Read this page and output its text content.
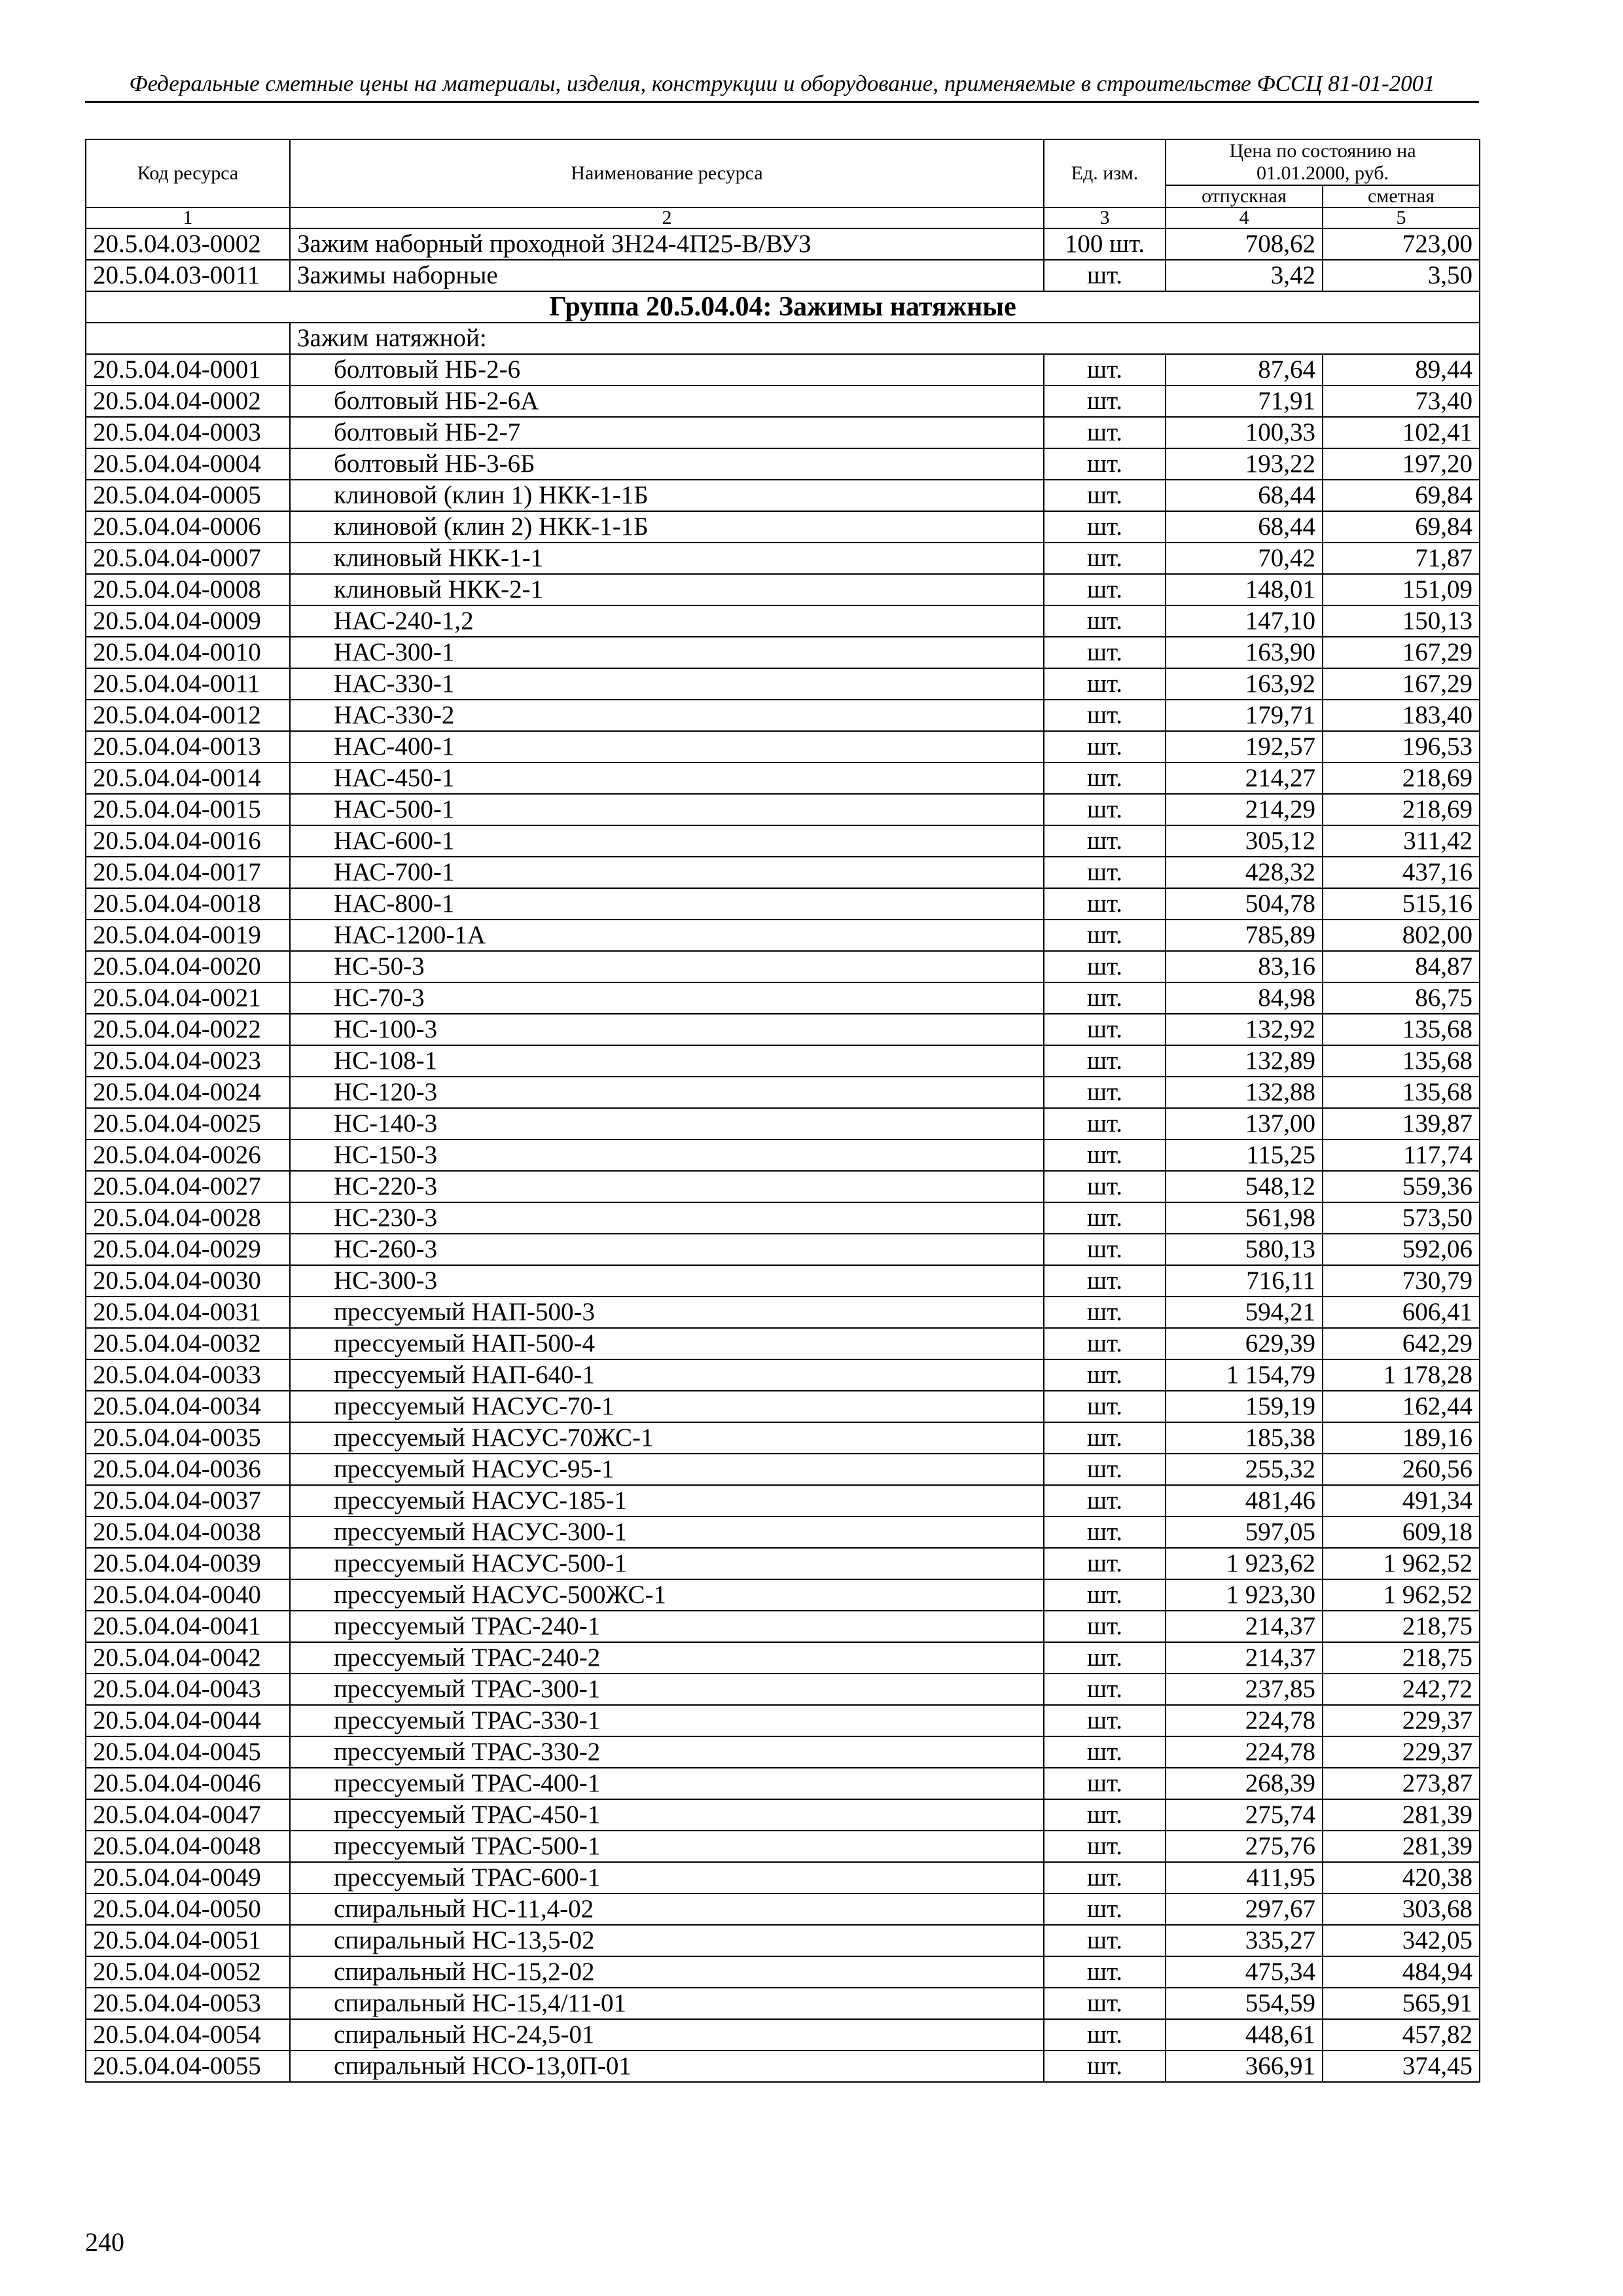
Федеральные сметные цены на материалы, изделия, конструкции и оборудование, применяемые в строительстве ФССЦ 81-01-2001
Код ресурса	Наименование ресурса	Ед. изм.	Цена по состоянию на 01.01.2000, руб.	
			отпускная	сметная
1	2	3	4	5
20.5.04.03-0002	Зажим наборный проходной ЗН24-4П25-В/ВУЗ	100 шт.	708,62	723,00
20.5.04.03-0011	Зажимы наборные	шт.	3,42	3,50
Группа 20.5.04.04: Зажимы натяжные				
	Зажим натяжной:			
20.5.04.04-0001	болтовый НБ-2-6	шт.	87,64	89,44
20.5.04.04-0002	болтовый НБ-2-6А	шт.	71,91	73,40
20.5.04.04-0003	болтовый НБ-2-7	шт.	100,33	102,41
20.5.04.04-0004	болтовый НБ-3-6Б	шт.	193,22	197,20
20.5.04.04-0005	клиновой (клин 1) НКК-1-1Б	шт.	68,44	69,84
20.5.04.04-0006	клиновой (клин 2) НКК-1-1Б	шт.	68,44	69,84
20.5.04.04-0007	клиновый НКК-1-1	шт.	70,42	71,87
20.5.04.04-0008	клиновый НКК-2-1	шт.	148,01	151,09
20.5.04.04-0009	НАС-240-1,2	шт.	147,10	150,13
20.5.04.04-0010	НАС-300-1	шт.	163,90	167,29
20.5.04.04-0011	НАС-330-1	шт.	163,92	167,29
20.5.04.04-0012	НАС-330-2	шт.	179,71	183,40
20.5.04.04-0013	НАС-400-1	шт.	192,57	196,53
20.5.04.04-0014	НАС-450-1	шт.	214,27	218,69
20.5.04.04-0015	НАС-500-1	шт.	214,29	218,69
20.5.04.04-0016	НАС-600-1	шт.	305,12	311,42
20.5.04.04-0017	НАС-700-1	шт.	428,32	437,16
20.5.04.04-0018	НАС-800-1	шт.	504,78	515,16
20.5.04.04-0019	НАС-1200-1А	шт.	785,89	802,00
20.5.04.04-0020	НС-50-3	шт.	83,16	84,87
20.5.04.04-0021	НС-70-3	шт.	84,98	86,75
20.5.04.04-0022	НС-100-3	шт.	132,92	135,68
20.5.04.04-0023	НС-108-1	шт.	132,89	135,68
20.5.04.04-0024	НС-120-3	шт.	132,88	135,68
20.5.04.04-0025	НС-140-3	шт.	137,00	139,87
20.5.04.04-0026	НС-150-3	шт.	115,25	117,74
20.5.04.04-0027	НС-220-3	шт.	548,12	559,36
20.5.04.04-0028	НС-230-3	шт.	561,98	573,50
20.5.04.04-0029	НС-260-3	шт.	580,13	592,06
20.5.04.04-0030	НС-300-3	шт.	716,11	730,79
20.5.04.04-0031	прессуемый НАП-500-3	шт.	594,21	606,41
20.5.04.04-0032	прессуемый НАП-500-4	шт.	629,39	642,29
20.5.04.04-0033	прессуемый НАП-640-1	шт.	1 154,79	1 178,28
20.5.04.04-0034	прессуемый НАСУС-70-1	шт.	159,19	162,44
20.5.04.04-0035	прессуемый НАСУС-70ЖС-1	шт.	185,38	189,16
20.5.04.04-0036	прессуемый НАСУС-95-1	шт.	255,32	260,56
20.5.04.04-0037	прессуемый НАСУС-185-1	шт.	481,46	491,34
20.5.04.04-0038	прессуемый НАСУС-300-1	шт.	597,05	609,18
20.5.04.04-0039	прессуемый НАСУС-500-1	шт.	1 923,62	1 962,52
20.5.04.04-0040	прессуемый НАСУС-500ЖС-1	шт.	1 923,30	1 962,52
20.5.04.04-0041	прессуемый ТРАС-240-1	шт.	214,37	218,75
20.5.04.04-0042	прессуемый ТРАС-240-2	шт.	214,37	218,75
20.5.04.04-0043	прессуемый ТРАС-300-1	шт.	237,85	242,72
20.5.04.04-0044	прессуемый ТРАС-330-1	шт.	224,78	229,37
20.5.04.04-0045	прессуемый ТРАС-330-2	шт.	224,78	229,37
20.5.04.04-0046	прессуемый ТРАС-400-1	шт.	268,39	273,87
20.5.04.04-0047	прессуемый ТРАС-450-1	шт.	275,74	281,39
20.5.04.04-0048	прессуемый ТРАС-500-1	шт.	275,76	281,39
20.5.04.04-0049	прессуемый ТРАС-600-1	шт.	411,95	420,38
20.5.04.04-0050	спиральный НС-11,4-02	шт.	297,67	303,68
20.5.04.04-0051	спиральный НС-13,5-02	шт.	335,27	342,05
20.5.04.04-0052	спиральный НС-15,2-02	шт.	475,34	484,94
20.5.04.04-0053	спиральный НС-15,4/11-01	шт.	554,59	565,91
20.5.04.04-0054	спиральный НС-24,5-01	шт.	448,61	457,82
20.5.04.04-0055	спиральный НСО-13,0П-01	шт.	366,91	374,45
240
